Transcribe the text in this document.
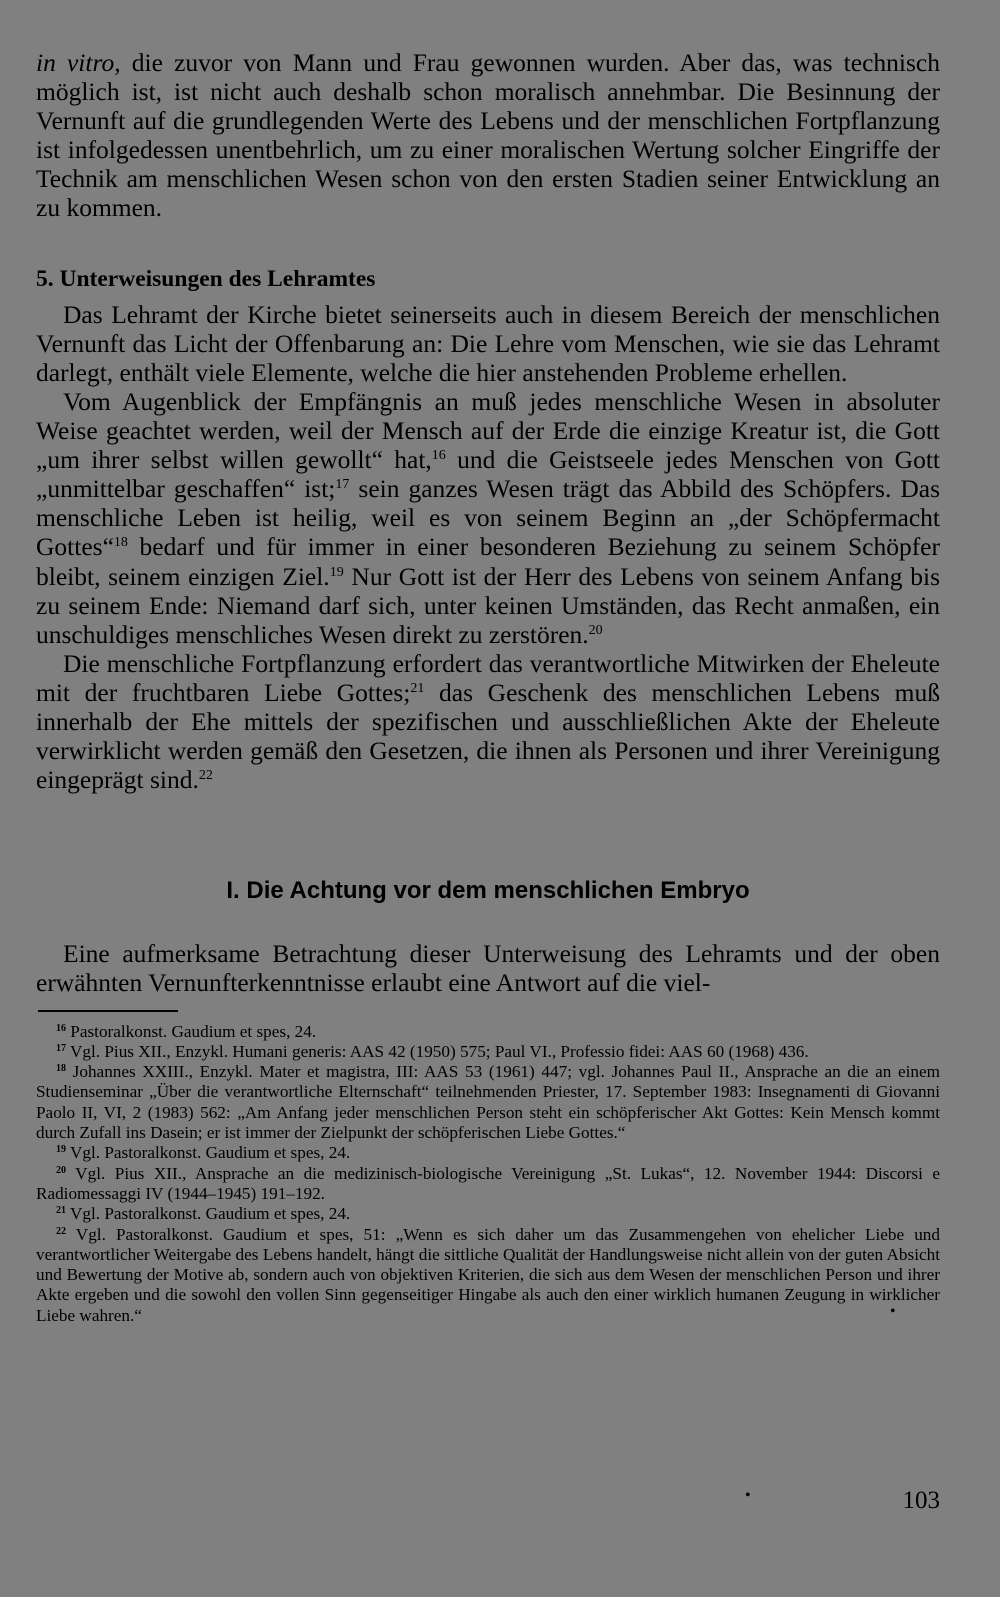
in vitro, die zuvor von Mann und Frau gewonnen wurden. Aber das, was technisch möglich ist, ist nicht auch deshalb schon moralisch annehmbar. Die Besinnung der Vernunft auf die grundlegenden Werte des Lebens und der menschlichen Fortpflanzung ist infolgedessen unentbehrlich, um zu einer moralischen Wertung solcher Eingriffe der Technik am menschlichen Wesen schon von den ersten Stadien seiner Entwicklung an zu kommen.

5. Unterweisungen des Lehramtes

Das Lehramt der Kirche bietet seinerseits auch in diesem Bereich der menschlichen Vernunft das Licht der Offenbarung an: Die Lehre vom Menschen, wie sie das Lehramt darlegt, enthält viele Elemente, welche die hier anstehenden Probleme erhellen.

Vom Augenblick der Empfängnis an muß jedes menschliche Wesen in absoluter Weise geachtet werden, weil der Mensch auf der Erde die einzige Kreatur ist, die Gott „um ihrer selbst willen gewollt“ hat,$^{16}$ und die Geistseele jedes Menschen von Gott „unmittelbar geschaffen“ ist;$^{17}$ sein ganzes Wesen trägt das Abbild des Schöpfers. Das menschliche Leben ist heilig, weil es von seinem Beginn an „der Schöpfermacht Gottes“$^{18}$ bedarf und für immer in einer besonderen Beziehung zu seinem Schöpfer bleibt, seinem einzigen Ziel.$^{19}$ Nur Gott ist der Herr des Lebens von seinem Anfang bis zu seinem Ende: Niemand darf sich, unter keinen Umständen, das Recht anmaßen, ein unschuldiges menschliches Wesen direkt zu zerstören.$^{20}$

Die menschliche Fortpflanzung erfordert das verantwortliche Mitwirken der Eheleute mit der fruchtbaren Liebe Gottes;$^{21}$ das Geschenk des menschlichen Lebens muß innerhalb der Ehe mittels der spezifischen und ausschließlichen Akte der Eheleute verwirklicht werden gemäß den Gesetzen, die ihnen als Personen und ihrer Vereinigung eingeprägt sind.$^{22}$

I. Die Achtung vor dem menschlichen Embryo

Eine aufmerksame Betrachtung dieser Unterweisung des Lehramts und der oben erwähnten Vernunfterkenntnisse erlaubt eine Antwort auf die viel-

$^{16}$ Pastoralkonst. Gaudium et spes, 24.

$^{17}$ Vgl. Pius XII., Enzykl. Humani generis: AAS 42 (1950) 575; Paul VI., Professio fidei: AAS 60 (1968) 436.

$^{18}$ Johannes XXIII., Enzykl. Mater et magistra, III: AAS 53 (1961) 447; vgl. Johannes Paul II., Ansprache an die an einem Studienseminar „Über die verantwortliche Elternschaft“ teilnehmenden Priester, 17. September 1983: Insegnamenti di Giovanni Paolo II, VI, 2 (1983) 562: „Am Anfang jeder menschlichen Person steht ein schöpferischer Akt Gottes: Kein Mensch kommt durch Zufall ins Dasein; er ist immer der Zielpunkt der schöpferischen Liebe Gottes.“

$^{19}$ Vgl. Pastoralkonst. Gaudium et spes, 24.

$^{20}$ Vgl. Pius XII., Ansprache an die medizinisch-biologische Vereinigung „St. Lukas“, 12. November 1944: Discorsi e Radiomessaggi IV (1944–1945) 191–192.

$^{21}$ Vgl. Pastoralkonst. Gaudium et spes, 24.

$^{22}$ Vgl. Pastoralkonst. Gaudium et spes, 51: „Wenn es sich daher um das Zusammengehen von ehelicher Liebe und verantwortlicher Weitergabe des Lebens handelt, hängt die sittliche Qualität der Handlungsweise nicht allein von der guten Absicht und Bewertung der Motive ab, sondern auch von objektiven Kriterien, die sich aus dem Wesen der menschlichen Person und ihrer Akte ergeben und die sowohl den vollen Sinn gegenseitiger Hingabe als auch den einer wirklich humanen Zeugung in wirklicher Liebe wahren.“	•
•	103
